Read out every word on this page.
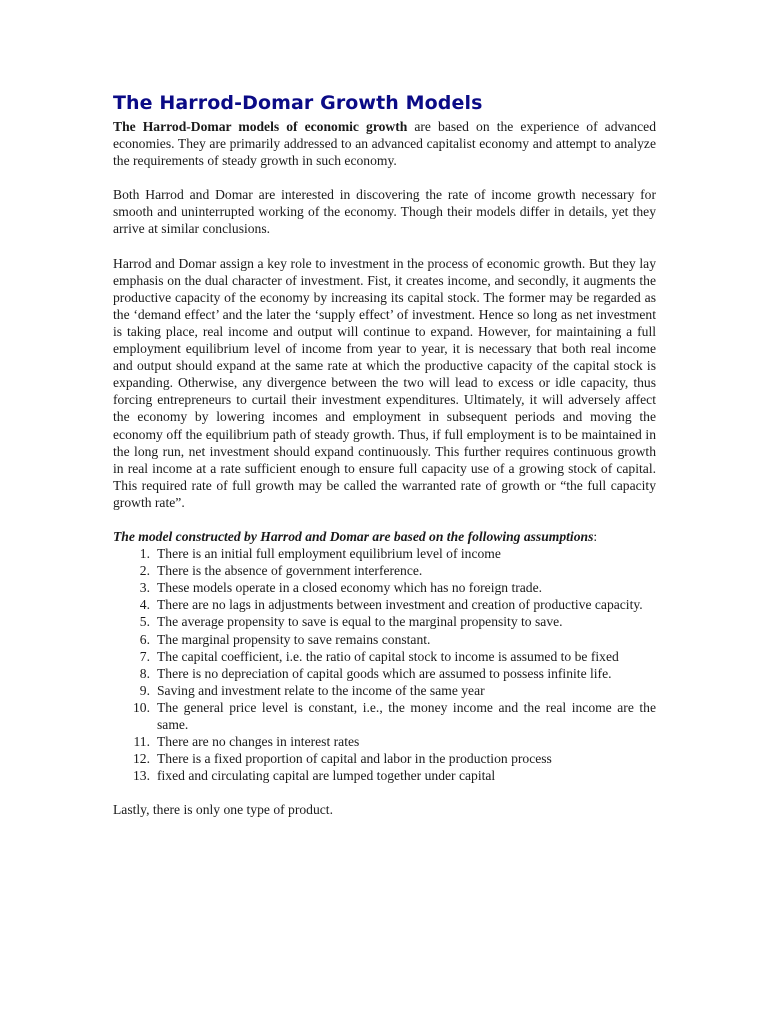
The Harrod-Domar Growth Models

The Harrod-Domar models of economic growth are based on the experience of advanced economies. They are primarily addressed to an advanced capitalist economy and attempt to analyze the requirements of steady growth in such economy.

Both Harrod and Domar are interested in discovering the rate of income growth necessary for smooth and uninterrupted working of the economy. Though their models differ in details, yet they arrive at similar conclusions.

Harrod and Domar assign a key role to investment in the process of economic growth. But they lay emphasis on the dual character of investment. Fist, it creates income, and secondly, it augments the productive capacity of the economy by increasing its capital stock. The former may be regarded as the ‘demand effect’ and the later the ‘supply effect’ of investment. Hence so long as net investment is taking place, real income and output will continue to expand. However, for maintaining a full employment equilibrium level of income from year to year, it is necessary that both real income and output should expand at the same rate at which the productive capacity of the capital stock is expanding. Otherwise, any divergence between the two will lead to excess or idle capacity, thus forcing entrepreneurs to curtail their investment expenditures. Ultimately, it will adversely affect the economy by lowering incomes and employment in subsequent periods and moving the economy off the equilibrium path of steady growth. Thus, if full employment is to be maintained in the long run, net investment should expand continuously. This further requires continuous growth in real income at a rate sufficient enough to ensure full capacity use of a growing stock of capital. This required rate of full growth may be called the warranted rate of growth or “the full capacity growth rate”.

The model constructed by Harrod and Domar are based on the following assumptions:

1. There is an initial full employment equilibrium level of income
2. There is the absence of government interference.
3. These models operate in a closed economy which has no foreign trade.
4. There are no lags in adjustments between investment and creation of productive capacity.
5. The average propensity to save is equal to the marginal propensity to save.
6. The marginal propensity to save remains constant.
7. The capital coefficient, i.e. the ratio of capital stock to income is assumed to be fixed
8. There is no depreciation of capital goods which are assumed to possess infinite life.
9. Saving and investment relate to the income of the same year
10. The general price level is constant, i.e., the money income and the real income are the same.
11. There are no changes in interest rates
12. There is a fixed proportion of capital and labor in the production process
13. fixed and circulating capital are lumped together under capital

Lastly, there is only one type of product.
